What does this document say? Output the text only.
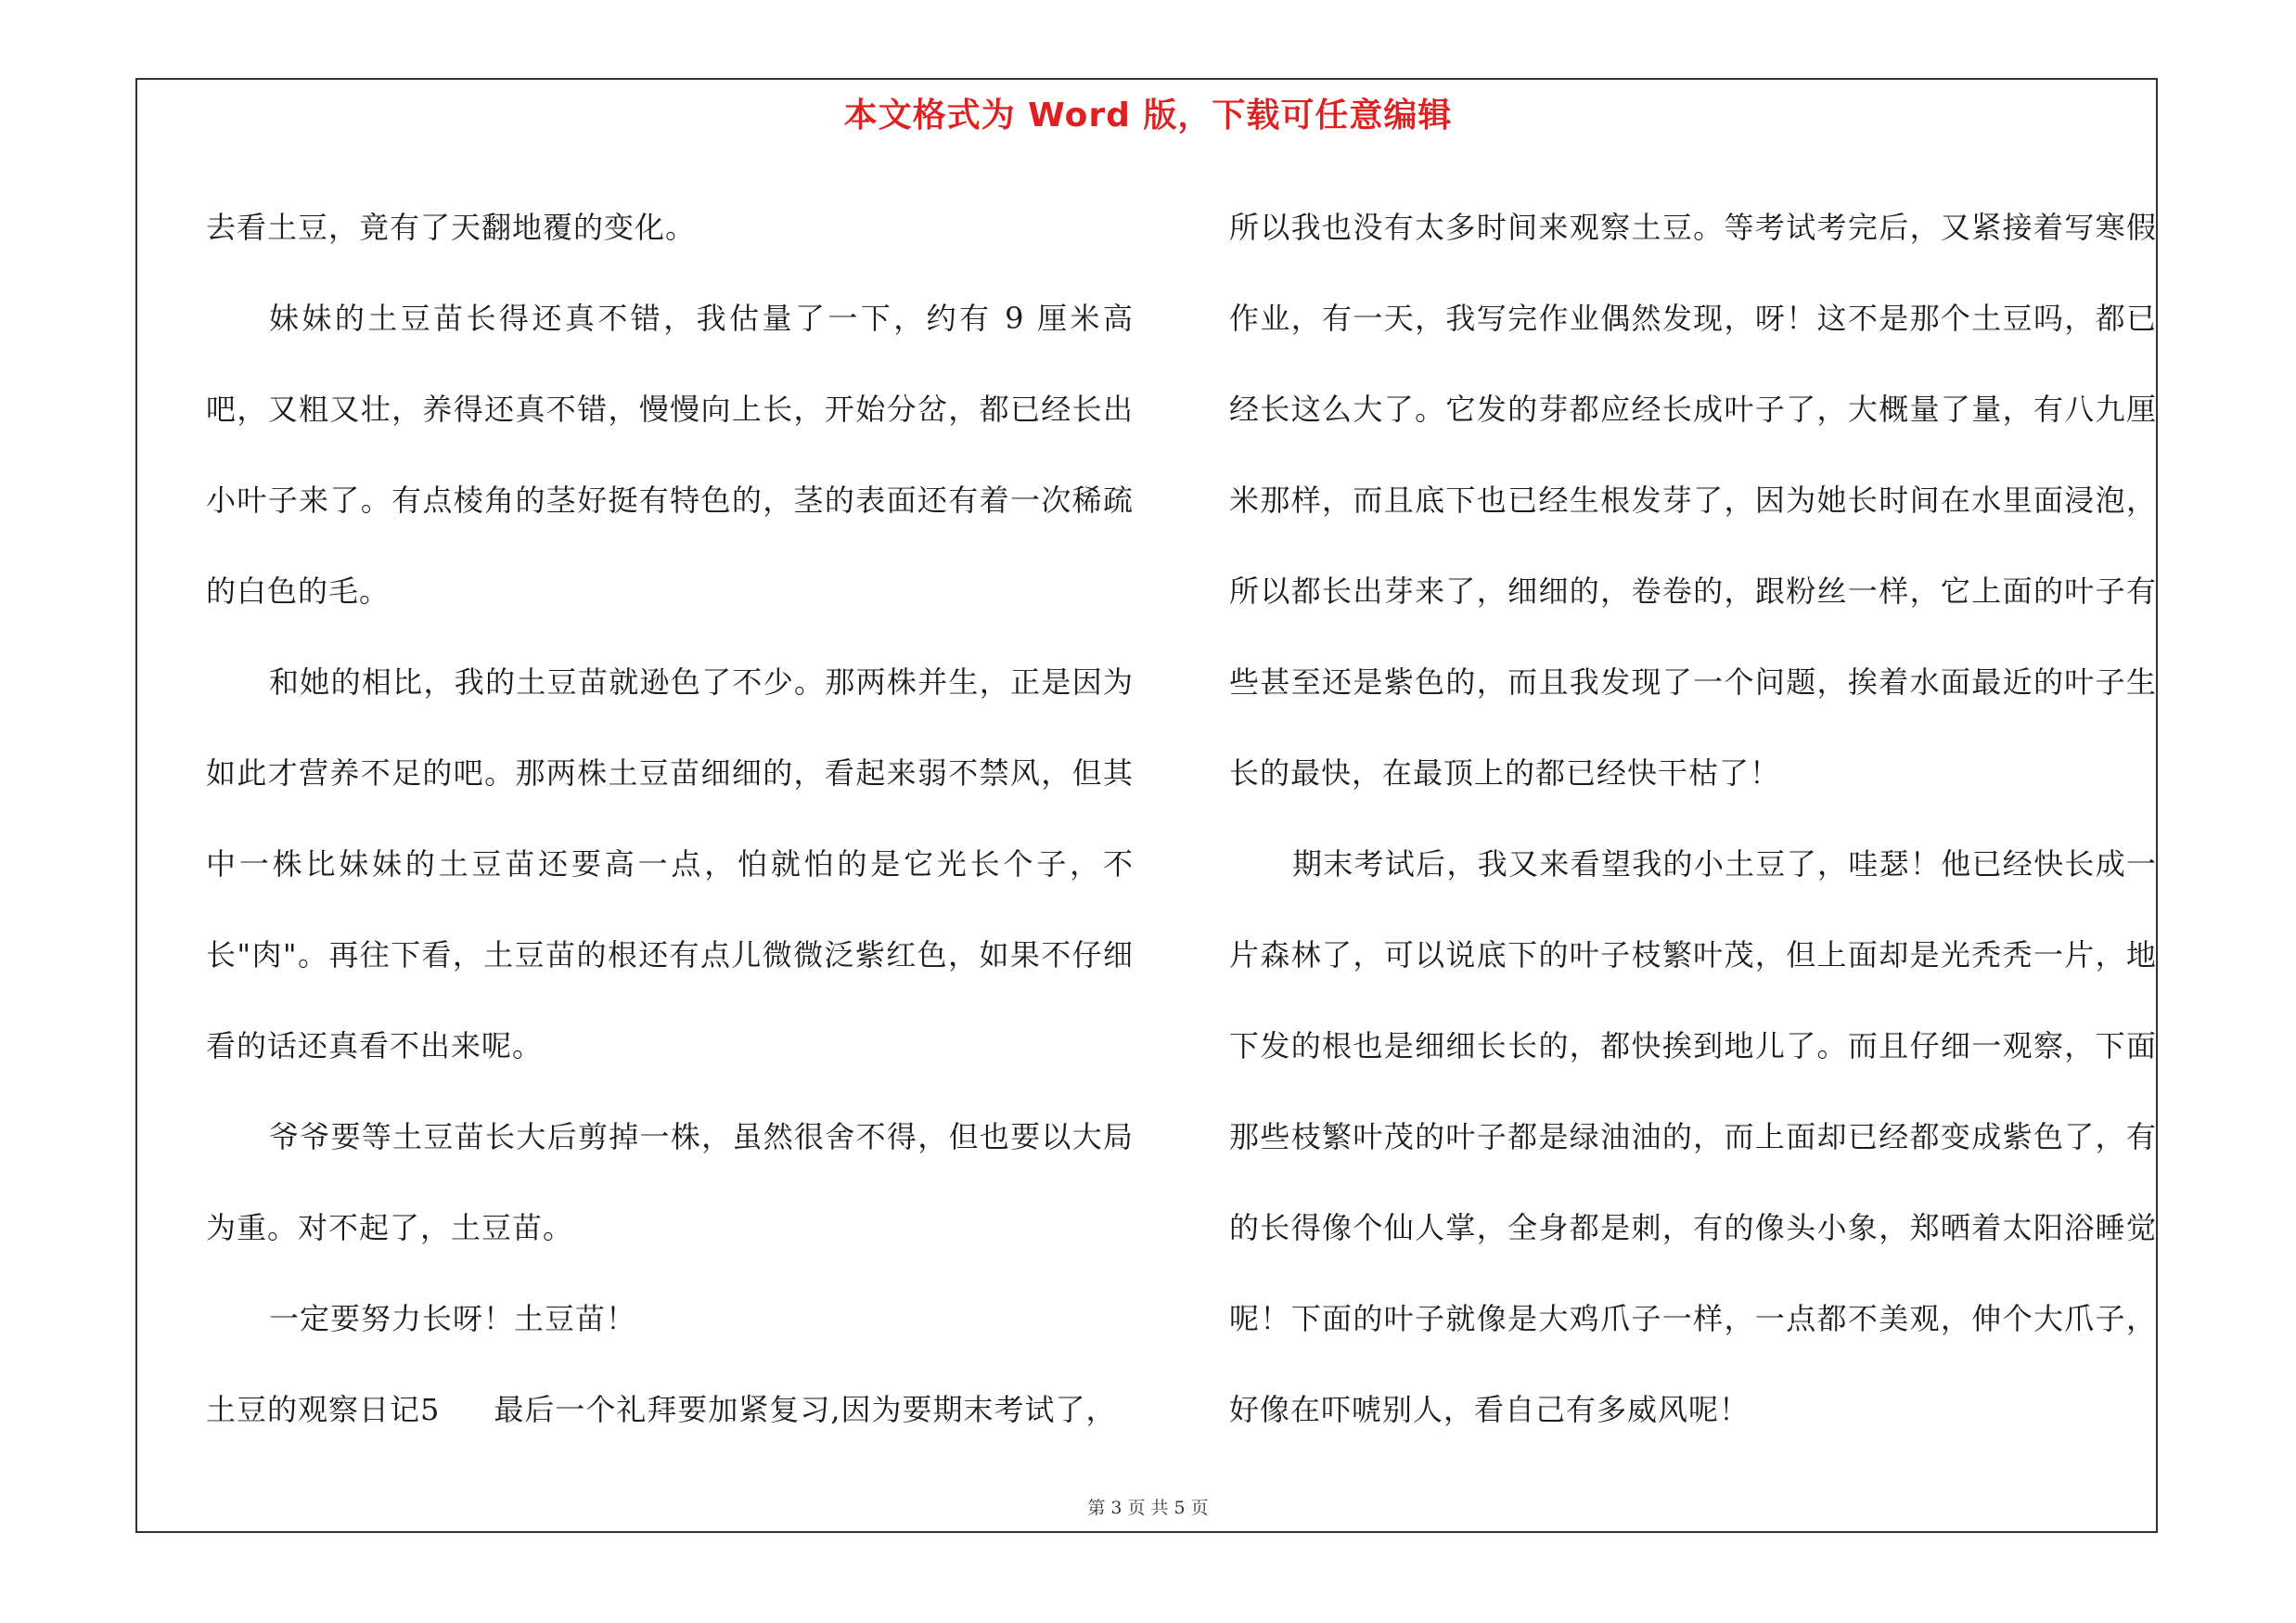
本文格式为 Word 版，下载可任意编辑

去看土豆，竟有了天翻地覆的变化。

妹妹的土豆苗长得还真不错，我估量了一下，约有 9 厘米高吧，又粗又壮，养得还真不错，慢慢向上长，开始分岔，都已经长出小叶子来了。有点棱角的茎好挺有特色的，茎的表面还有着一次稀疏的白色的毛。

和她的相比，我的土豆苗就逊色了不少。那两株并生，正是因为如此才营养不足的吧。那两株土豆苗细细的，看起来弱不禁风，但其中一株比妹妹的土豆苗还要高一点，怕就怕的是它光长个子，不长"肉"。再往下看，土豆苗的根还有点儿微微泛紫红色，如果不仔细看的话还真看不出来呢。

爷爷要等土豆苗长大后剪掉一株，虽然很舍不得，但也要以大局为重。对不起了，土豆苗。

一定要努力长呀！土豆苗！

土豆的观察日记5 最后一个礼拜要加紧复习,因为要期末考试了，

所以我也没有太多时间来观察土豆。等考试考完后，又紧接着写寒假作业，有一天，我写完作业偶然发现，呀！这不是那个土豆吗，都已经长这么大了。它发的芽都应经长成叶子了，大概量了量，有八九厘米那样，而且底下也已经生根发芽了，因为她长时间在水里面浸泡，所以都长出芽来了，细细的，卷卷的，跟粉丝一样，它上面的叶子有些甚至还是紫色的，而且我发现了一个问题，挨着水面最近的叶子生长的最快，在最顶上的都已经快干枯了！

期末考试后，我又来看望我的小土豆了，哇瑟！他已经快长成一片森林了，可以说底下的叶子枝繁叶茂，但上面却是光秃秃一片，地下发的根也是细细长长的，都快挨到地儿了。而且仔细一观察，下面那些枝繁叶茂的叶子都是绿油油的，而上面却已经都变成紫色了，有的长得像个仙人掌，全身都是刺，有的像头小象，郑晒着太阳浴睡觉呢！下面的叶子就像是大鸡爪子一样，一点都不美观，伸个大爪子，好像在吓唬别人，看自己有多威风呢！

第 3 页 共 5 页
